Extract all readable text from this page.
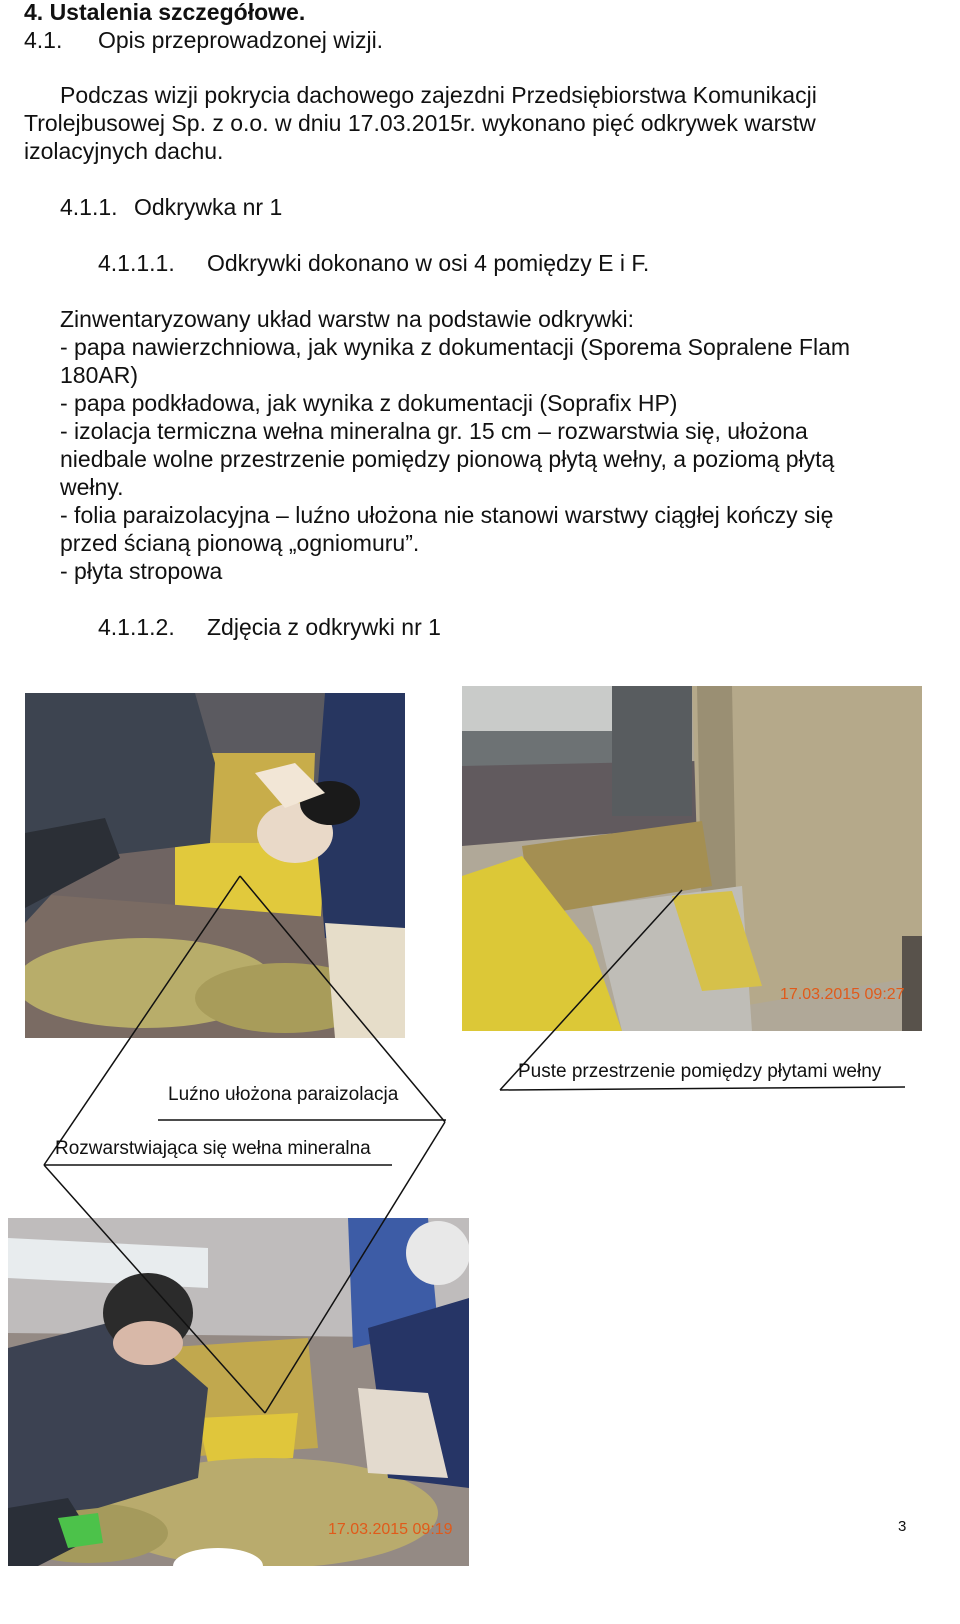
4. Ustalenia szczegółowe.
4.1. Opis przeprowadzonej wizji.
Podczas wizji pokrycia dachowego zajezdni Przedsiębiorstwa Komunikacji
Trolejbusowej Sp. z o.o. w dniu 17.03.2015r. wykonano pięć odkrywek warstw
izolacyjnych dachu.
4.1.1. Odkrywka nr 1
4.1.1.1. Odkrywki dokonano w osi 4 pomiędzy E i F.
Zinwentaryzowany układ warstw na podstawie odkrywki:
- papa nawierzchniowa, jak wynika z dokumentacji (Sporema Sopralene Flam
180AR)
- papa podkładowa, jak wynika z dokumentacji (Soprafix HP)
- izolacja termiczna wełna mineralna gr. 15 cm – rozwarstwia się, ułożona
niedbale wolne przestrzenie pomiędzy pionową płytą wełny, a poziomą płytą
wełny.
- folia paraizolacyjna – luźno ułożona nie stanowi warstwy ciągłej kończy się
przed ścianą pionową „ogniomuru”.
- płyta stropowa
4.1.1.2. Zdjęcia z odkrywki nr 1
17.03.2015 09:27
17.03.2015 09:19
Luźno ułożona paraizolacja
Puste przestrzenie pomiędzy płytami wełny
Rozwarstwiająca się wełna mineralna
3
